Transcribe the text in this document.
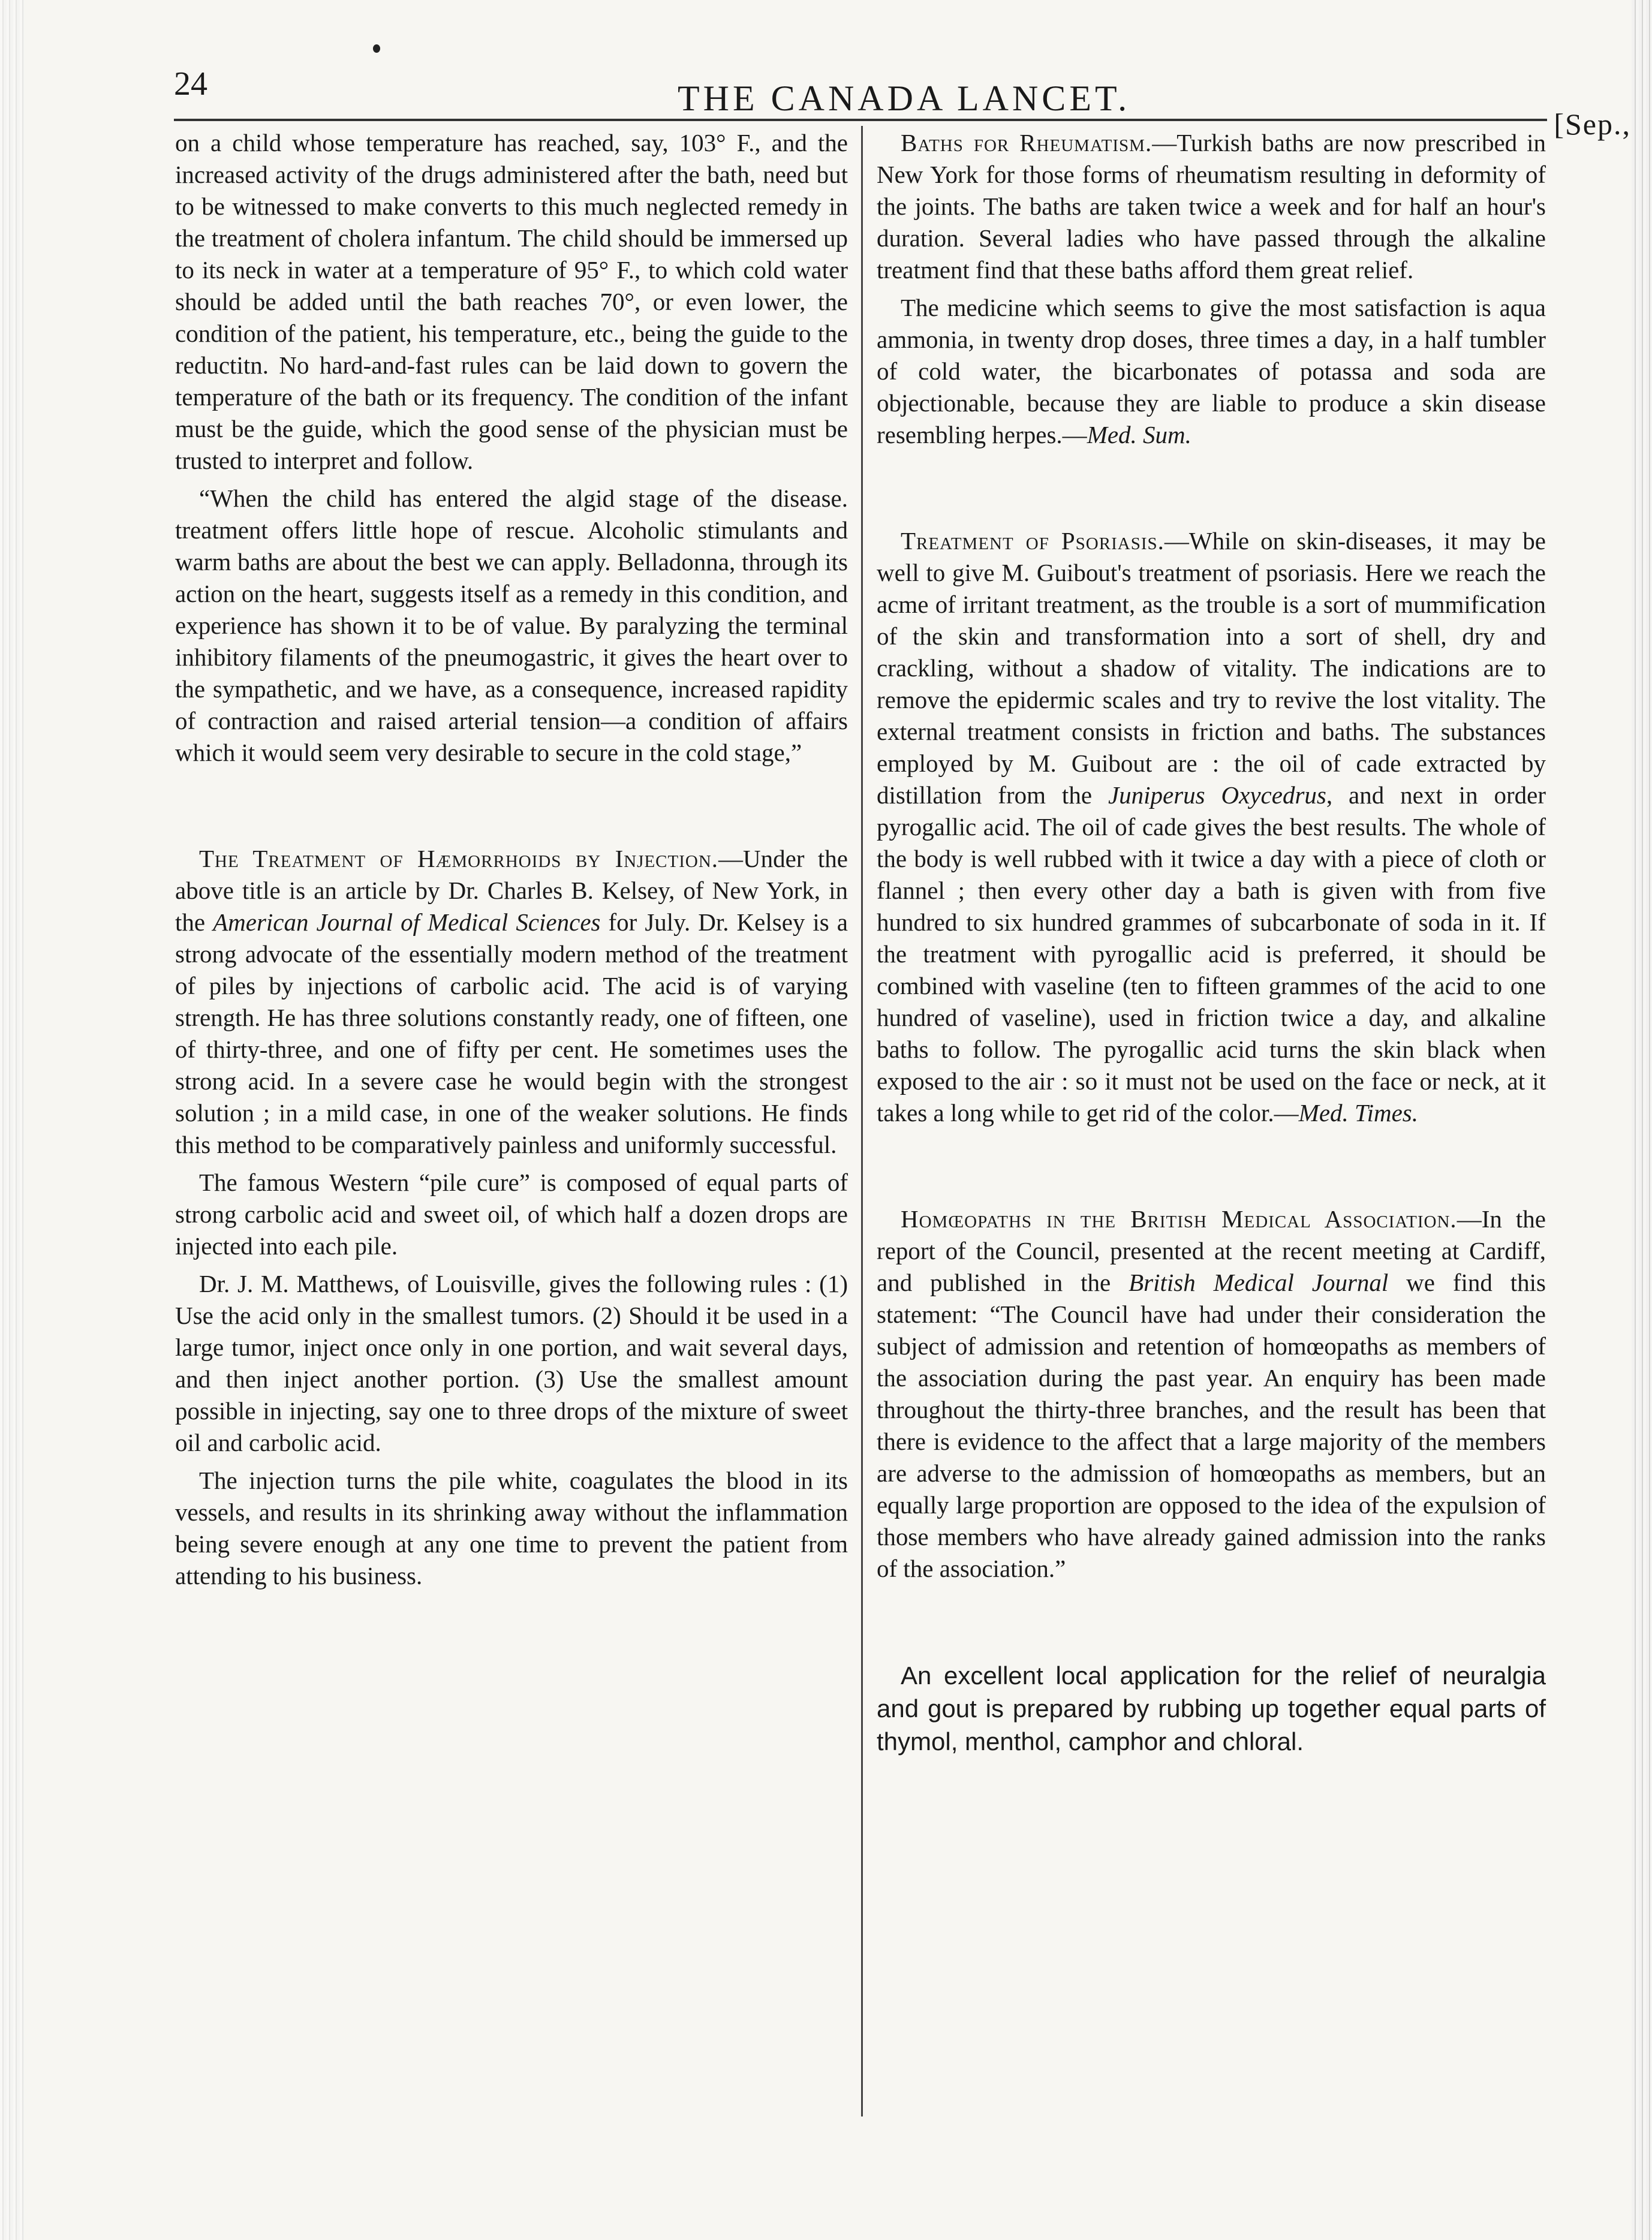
24	THE CANADA LANCET.
[Sep.,

on a child whose temperature has reached, say, 103° F., and the increased activity of the drugs administered after the bath, need but to be witnessed to make converts to this much neglected remedy in the treatment of cholera infantum. The child should be immersed up to its neck in water at a temperature of 95° F., to which cold water should be added until the bath reaches 70°, or even lower, the condition of the patient, his temperature, etc., being the guide to the reductitn. No hard-and-fast rules can be laid down to govern the temperature of the bath or its frequency. The condition of the infant must be the guide, which the good sense of the physician must be trusted to interpret and follow.

“When the child has entered the algid stage of the disease. treatment offers little hope of rescue. Alcoholic stimulants and warm baths are about the best we can apply. Belladonna, through its action on the heart, suggests itself as a remedy in this condition, and experience has shown it to be of value. By paralyzing the terminal inhibitory filaments of the pneumogastric, it gives the heart over to the sympathetic, and we have, as a consequence, increased rapidity of contraction and raised arterial tension—a condition of affairs which it would seem very desirable to secure in the cold stage,”

The Treatment of Hæmorrhoids by Injection.—Under the above title is an article by Dr. Charles B. Kelsey, of New York, in the American Journal of Medical Sciences for July. Dr. Kelsey is a strong advocate of the essentially modern method of the treatment of piles by injections of carbolic acid. The acid is of varying strength. He has three solutions constantly ready, one of fifteen, one of thirty-three, and one of fifty per cent. He sometimes uses the strong acid. In a severe case he would begin with the strongest solution ; in a mild case, in one of the weaker solutions. He finds this method to be comparatively painless and uniformly successful.

The famous Western “pile cure” is composed of equal parts of strong carbolic acid and sweet oil, of which half a dozen drops are injected into each pile.

Dr. J. M. Matthews, of Louisville, gives the following rules : (1) Use the acid only in the smallest tumors. (2) Should it be used in a large tumor, inject once only in one portion, and wait several days, and then inject another portion. (3) Use the smallest amount possible in injecting, say one to three drops of the mixture of sweet oil and carbolic acid.

The injection turns the pile white, coagulates the blood in its vessels, and results in its shrinking away without the inflammation being severe enough at any one time to prevent the patient from attending to his business.

Baths for Rheumatism.—Turkish baths are now prescribed in New York for those forms of rheumatism resulting in deformity of the joints. The baths are taken twice a week and for half an hour's duration. Several ladies who have passed through the alkaline treatment find that these baths afford them great relief.

The medicine which seems to give the most satisfaction is aqua ammonia, in twenty drop doses, three times a day, in a half tumbler of cold water, the bicarbonates of potassa and soda are objectionable, because they are liable to produce a skin disease resembling herpes.—Med. Sum.

Treatment of Psoriasis.—While on skin-diseases, it may be well to give M. Guibout's treatment of psoriasis. Here we reach the acme of irritant treatment, as the trouble is a sort of mummification of the skin and transformation into a sort of shell, dry and crackling, without a shadow of vitality. The indications are to remove the epidermic scales and try to revive the lost vitality. The external treatment consists in friction and baths. The substances employed by M. Guibout are : the oil of cade extracted by distillation from the Juniperus Oxycedrus, and next in order pyrogallic acid. The oil of cade gives the best results. The whole of the body is well rubbed with it twice a day with a piece of cloth or flannel ; then every other day a bath is given with from five hundred to six hundred grammes of subcarbonate of soda in it. If the treatment with pyrogallic acid is preferred, it should be combined with vaseline (ten to fifteen grammes of the acid to one hundred of vaseline), used in friction twice a day, and alkaline baths to follow. The pyrogallic acid turns the skin black when exposed to the air : so it must not be used on the face or neck, at it takes a long while to get rid of the color.—Med. Times.

Homœopaths in the British Medical Association.—In the report of the Council, presented at the recent meeting at Cardiff, and published in the British Medical Journal we find this statement: “The Council have had under their consideration the subject of admission and retention of homœopaths as members of the association during the past year. An enquiry has been made throughout the thirty-three branches, and the result has been that there is evidence to the affect that a large majority of the members are adverse to the admission of homœopaths as members, but an equally large proportion are opposed to the idea of the expulsion of those members who have already gained admission into the ranks of the association.”

An excellent local application for the relief of neuralgia and gout is prepared by rubbing up together equal parts of thymol, menthol, camphor and chloral.
